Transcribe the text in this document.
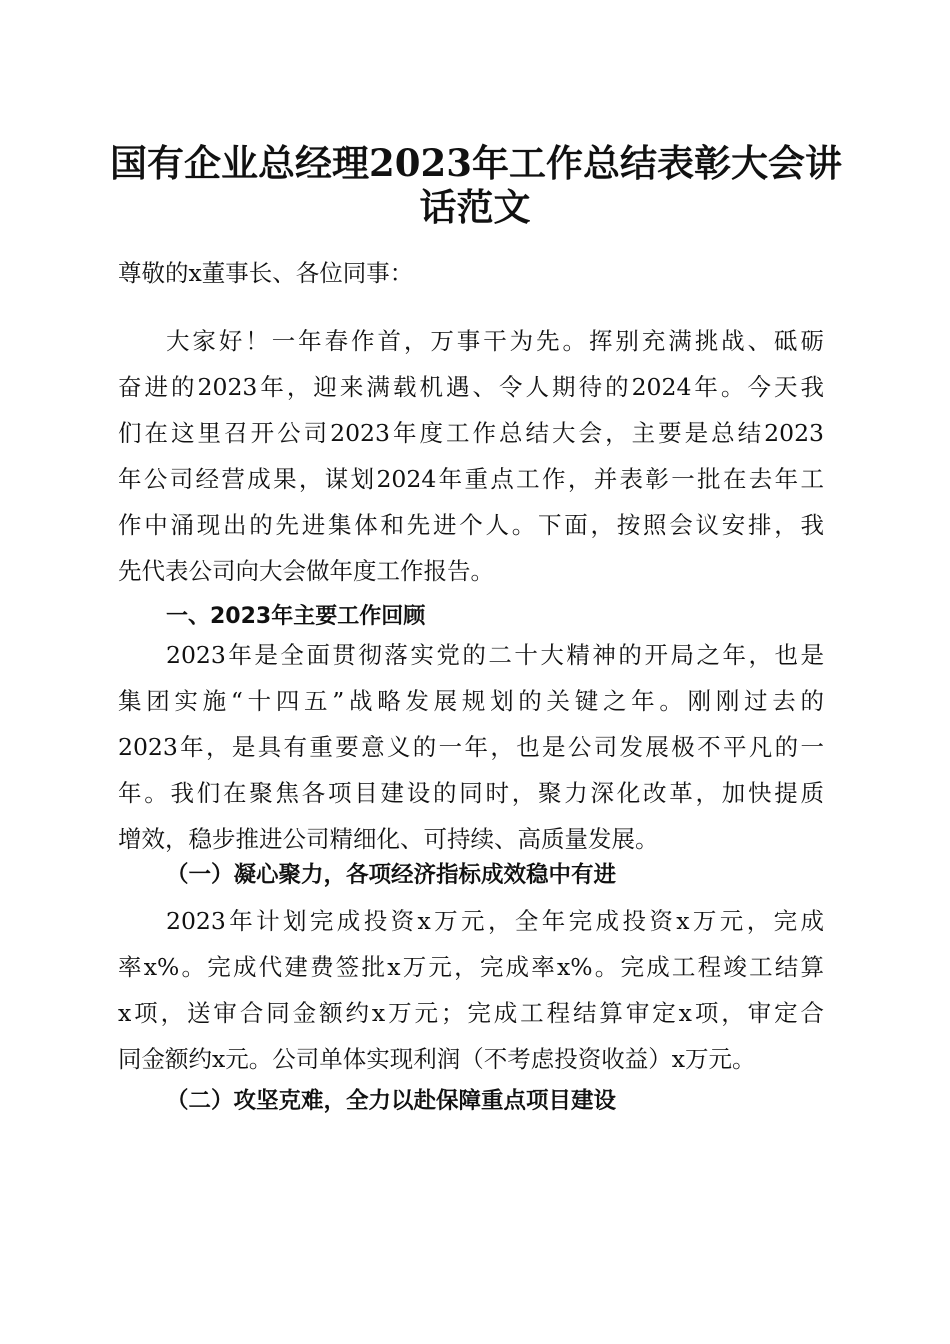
国有企业总经理2023年工作总结表彰大会讲
话范文

尊敬的x董事长、各位同事：

大家好！一年春作首，万事干为先。挥别充满挑战、砥砺

奋进的2023年，迎来满载机遇、令人期待的2024年。今天我

们在这里召开公司2023年度工作总结大会，主要是总结2023

年公司经营成果，谋划2024年重点工作，并表彰一批在去年工

作中涌现出的先进集体和先进个人。下面，按照会议安排，我

先代表公司向大会做年度工作报告。

一、2023年主要工作回顾

2023年是全面贯彻落实党的二十大精神的开局之年，也是

集团实施“十四五”战略发展规划的关键之年。刚刚过去的

2023年，是具有重要意义的一年，也是公司发展极不平凡的一

年。我们在聚焦各项目建设的同时，聚力深化改革，加快提质

增效，稳步推进公司精细化、可持续、高质量发展。

（一）凝心聚力，各项经济指标成效稳中有进

2023年计划完成投资x万元，全年完成投资x万元，完成

率x%。完成代建费签批x万元，完成率x%。完成工程竣工结算

x项，送审合同金额约x万元；完成工程结算审定x项，审定合

同金额约x元。公司单体实现利润（不考虑投资收益）x万元。

（二）攻坚克难，全力以赴保障重点项目建设
